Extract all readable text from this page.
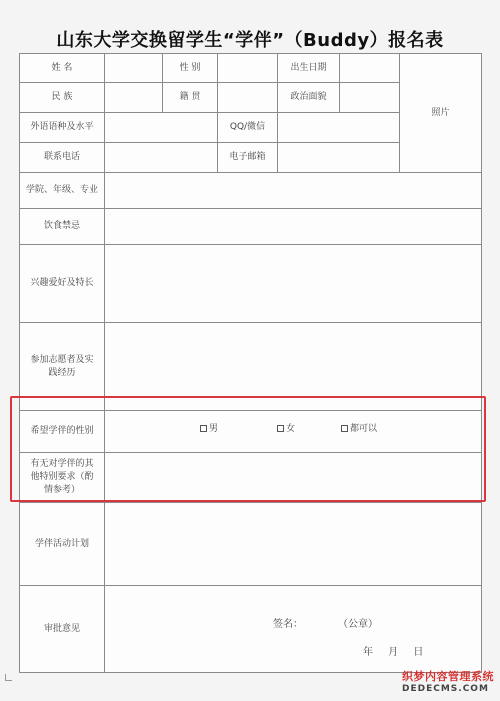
山东大学交换留学生“学伴”（Buddy）报名表
姓 名		性 别		出生日期		照片
民 族		籍 贯		政治面貌		
外语语种及水平			QQ/微信			
联系电话			电子邮箱			
学院、年级、专业						
饮食禁忌						
兴趣爱好及特长						
参加志愿者及实践经历						
希望学伴的性别	男 女 都可以					

有无对学伴的其他特别要求（酌情参考）						
学伴活动计划						
审批意见	签名： （公章）
年 月 日					
织梦内容管理系统
DEDECMS.COM
